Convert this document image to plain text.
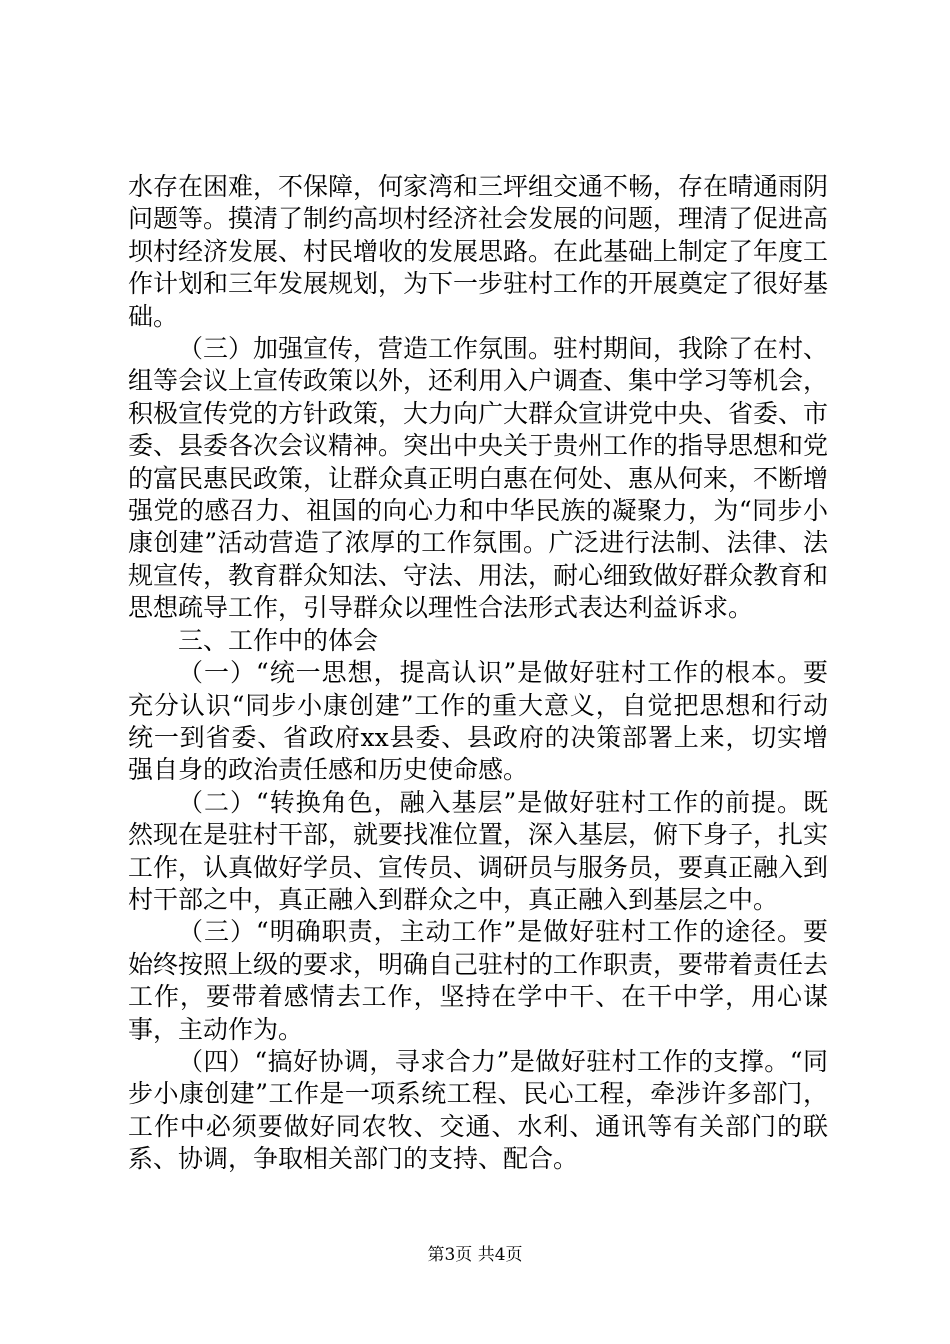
水存在困难，不保障，何家湾和三坪组交通不畅，存在晴通雨阴问题等。摸清了制约高坝村经济社会发展的问题，理清了促进高坝村经济发展、村民增收的发展思路。在此基础上制定了年度工作计划和三年发展规划，为下一步驻村工作的开展奠定了很好基础。

（三）加强宣传，营造工作氛围。驻村期间，我除了在村、组等会议上宣传政策以外，还利用入户调查、集中学习等机会，积极宣传党的方针政策，大力向广大群众宣讲党中央、省委、市委、县委各次会议精神。突出中央关于贵州工作的指导思想和党的富民惠民政策，让群众真正明白惠在何处、惠从何来，不断增强党的感召力、祖国的向心力和中华民族的凝聚力，为“同步小康创建”活动营造了浓厚的工作氛围。广泛进行法制、法律、法规宣传，教育群众知法、守法、用法，耐心细致做好群众教育和思想疏导工作，引导群众以理性合法形式表达利益诉求。

三、工作中的体会

（一）“统一思想，提高认识”是做好驻村工作的根本。要充分认识“同步小康创建”工作的重大意义，自觉把思想和行动统一到省委、省政府xx县委、县政府的决策部署上来，切实增强自身的政治责任感和历史使命感。

（二）“转换角色，融入基层”是做好驻村工作的前提。既然现在是驻村干部，就要找准位置，深入基层，俯下身子，扎实工作，认真做好学员、宣传员、调研员与服务员，要真正融入到村干部之中，真正融入到群众之中，真正融入到基层之中。

（三）“明确职责，主动工作”是做好驻村工作的途径。要始终按照上级的要求，明确自己驻村的工作职责，要带着责任去工作，要带着感情去工作，坚持在学中干、在干中学，用心谋事，主动作为。

（四）“搞好协调，寻求合力”是做好驻村工作的支撑。“同步小康创建”工作是一项系统工程、民心工程，牵涉许多部门，工作中必须要做好同农牧、交通、水利、通讯等有关部门的联系、协调，争取相关部门的支持、配合。

第3页 共4页
